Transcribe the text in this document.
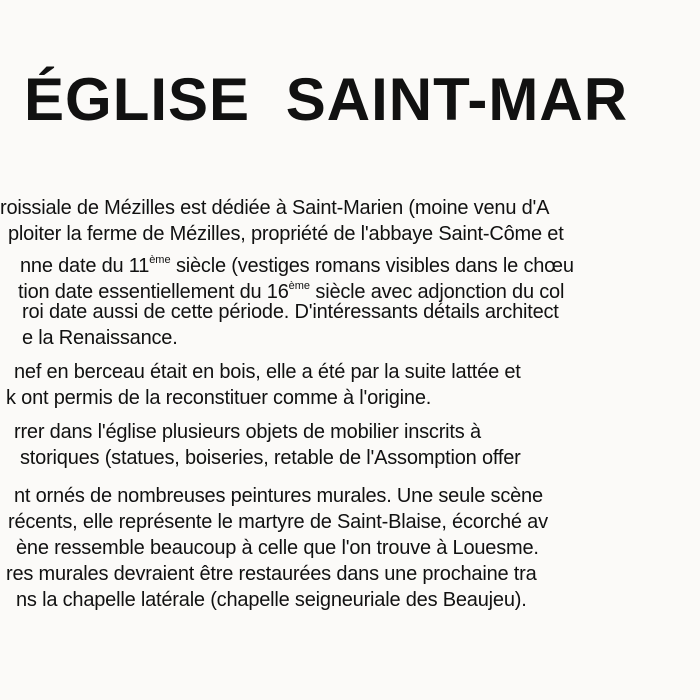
ÉGLISE SAINT-MAR
roissiale de Mézilles est dédiée à Saint-Marien (moine venu d'A
ploiter la ferme de Mézilles, propriété de l'abbaye Saint-Côme et
nne date du 11ème siècle (vestiges romans visibles dans le chœu
tion date essentiellement du 16ème siècle avec adjonction du col
roi date aussi de cette période. D'intéressants détails architect
e la Renaissance.
nef en berceau était en bois, elle a été par la suite lattée et
k ont permis de la reconstituer comme à l'origine.
rrer dans l'église plusieurs objets de mobilier inscrits à
storiques (statues, boiseries, retable de l'Assomption offer
nt ornés de nombreuses peintures murales. Une seule scène
récents, elle représente le martyre de Saint-Blaise, écorché av
ène ressemble beaucoup à celle que l'on trouve à Louesme.
res murales devraient être restaurées dans une prochaine tra
ns la chapelle latérale (chapelle seigneuriale des Beaujeu).
